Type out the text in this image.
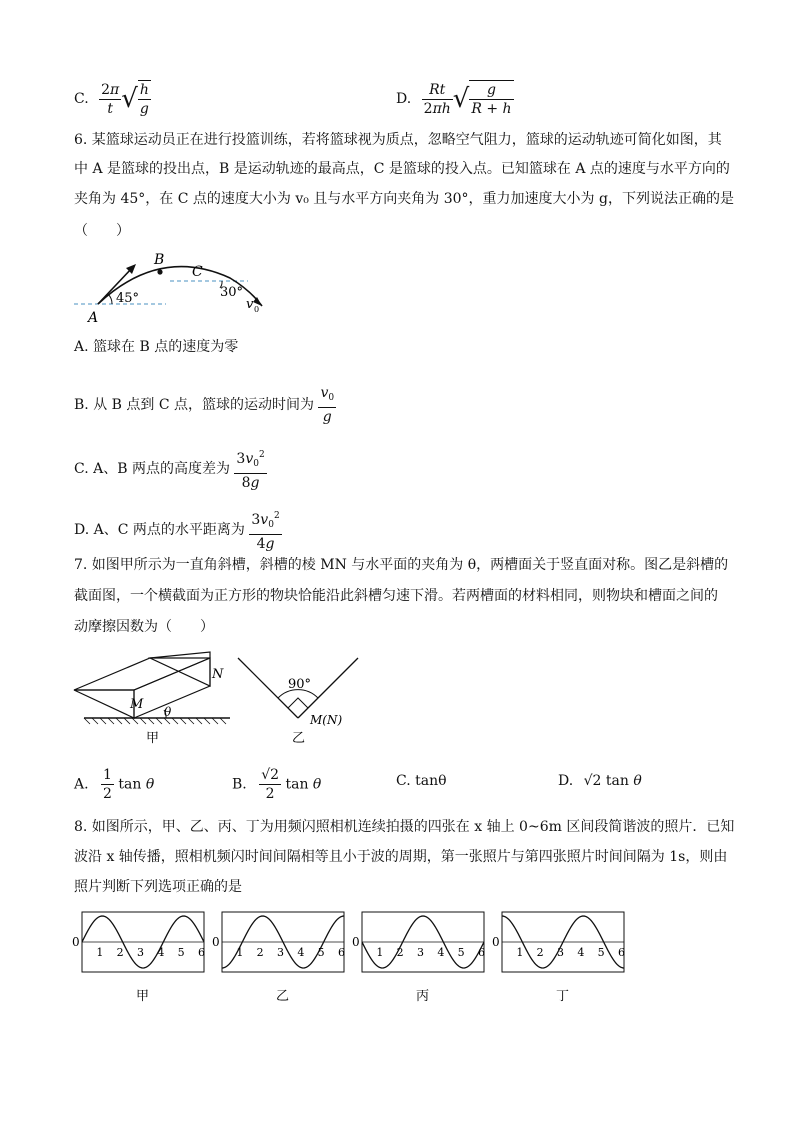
C. $\frac{2\pi}{t}$ √ $\frac{h}{g}$	D. $\frac{Rt}{2\pi h}$ √ $\frac{g}{R + h}$
6. 某篮球运动员正在进行投篮训练，若将篮球视为质点，忽略空气阻力，篮球的运动轨迹可简化如图，其
中 A 是篮球的投出点，B 是运动轨迹的最高点，C 是篮球的投入点。已知篮球在 A 点的速度与水平方向的
夹角为 45°，在 C 点的速度大小为 v₀ 且与水平方向夹角为 30°，重力加速度大小为 g，下列说法正确的是
（　　）
A
B
C
45°	30°
v 0
A. 篮球在 B 点的速度为零
B. 从 B 点到 C 点，篮球的运动时间为 $\frac{v_0}{g}$
C. A、B 两点的高度差为 $\frac{3v_0^2}{8g}$
D. A、C 两点的水平距离为 $\frac{3v_0^2}{4g}$
7. 如图甲所示为一直角斜槽，斜槽的棱 MN 与水平面的夹角为 θ，两槽面关于竖直面对称。图乙是斜槽的
截面图，一个横截面为正方形的物块恰能沿此斜槽匀速下滑。若两槽面的材料相同，则物块和槽面之间的
动摩擦因数为（　　）
N
M θ
甲
90°
M(N)
乙
A. $\frac{1}{2}$ tan θ	B. $\frac{√2}{2}$ tan θ	C. tanθ	D. √2 tan θ
8. 如图所示，甲、乙、丙、丁为用频闪照相机连续拍摄的四张在 x 轴上 0~6m 区间段简谐波的照片．已知
波沿 x 轴传播，照相机频闪时间间隔相等且小于波的周期，第一张照片与第四张照片时间间隔为 1s，则由
照片判断下列选项正确的是
0
1 2 3 4 5 6
甲
0
1 2 3 4 5 6
乙
0
1 2 3 4 5 6
丙
0
1 2 3 4 5 6
丁
